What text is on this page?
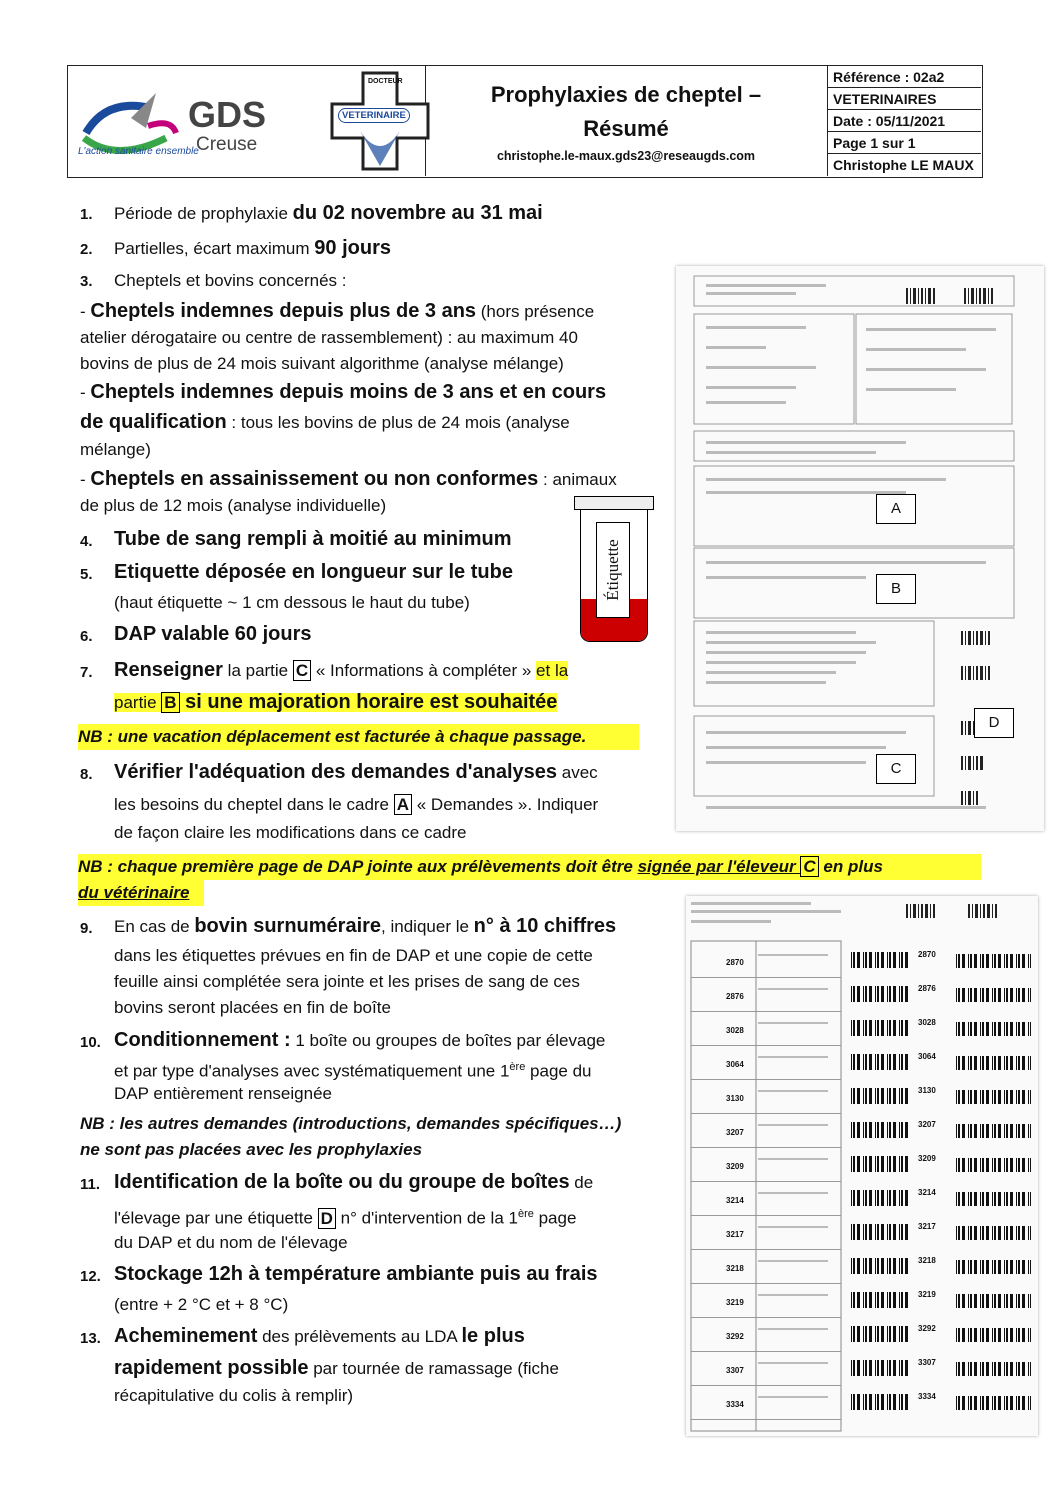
GDS
Creuse
L'action sanitaire ensemble
DOCTEUR
VETERINAIRE
Prophylaxies de cheptel –
Résumé
christophe.le-maux.gds23@reseaugds.com
Référence : 02a2
VETERINAIRES
Date : 05/11/2021
Page 1 sur 1
Christophe LE MAUX
1. Période de prophylaxie du 02 novembre au 31 mai
2. Partielles, écart maximum 90 jours
3. Cheptels et bovins concernés :
- Cheptels indemnes depuis plus de 3 ans (hors présence
atelier dérogataire ou centre de rassemblement) : au maximum 40
bovins de plus de 24 mois suivant algorithme (analyse mélange)
- Cheptels indemnes depuis moins de 3 ans et en cours
de qualification : tous les bovins de plus de 24 mois (analyse
mélange)
- Cheptels en assainissement ou non conformes : animaux
de plus de 12 mois (analyse individuelle)
4. Tube de sang rempli à moitié au minimum
5. Etiquette déposée en longueur sur le tube
(haut étiquette ~ 1 cm dessous le haut du tube)
6. DAP valable 60 jours
Étiquette
7. Renseigner la partie C « Informations à compléter » et la
partie B si une majoration horaire est souhaitée
NB : une vacation déplacement est facturée à chaque passage.
8. Vérifier l'adéquation des demandes d'analyses avec
les besoins du cheptel dans le cadre A « Demandes ». Indiquer
de façon claire les modifications dans ce cadre
NB : chaque première page de DAP jointe aux prélèvements doit être signée par l'éleveur C en plus
du vétérinaire
9. En cas de bovin surnuméraire, indiquer le n° à 10 chiffres
dans les étiquettes prévues en fin de DAP et une copie de cette
feuille ainsi complétée sera jointe et les prises de sang de ces
bovins seront placées en fin de boîte
10. Conditionnement : 1 boîte ou groupes de boîtes par élevage
et par type d'analyses avec systématiquement une 1ère page du
DAP entièrement renseignée
NB : les autres demandes (introductions, demandes spécifiques…)
ne sont pas placées avec les prophylaxies
11. Identification de la boîte ou du groupe de boîtes de
l'élevage par une étiquette D n° d'intervention de la 1ère page
du DAP et du nom de l'élevage
12. Stockage 12h à température ambiante puis au frais
(entre + 2 °C et + 8 °C)
13. Acheminement des prélèvements au LDA le plus
rapidement possible par tournée de ramassage (fiche
récapitulative du colis à remplir)
A
B
D
C
2870
2870
2876
2876
3028
3028
3064
3064
3130
3130
3207
3207
3209
3209
3214
3214
3217
3217
3218
3218
3219
3219
3292
3292
3307
3307
3334
3334
